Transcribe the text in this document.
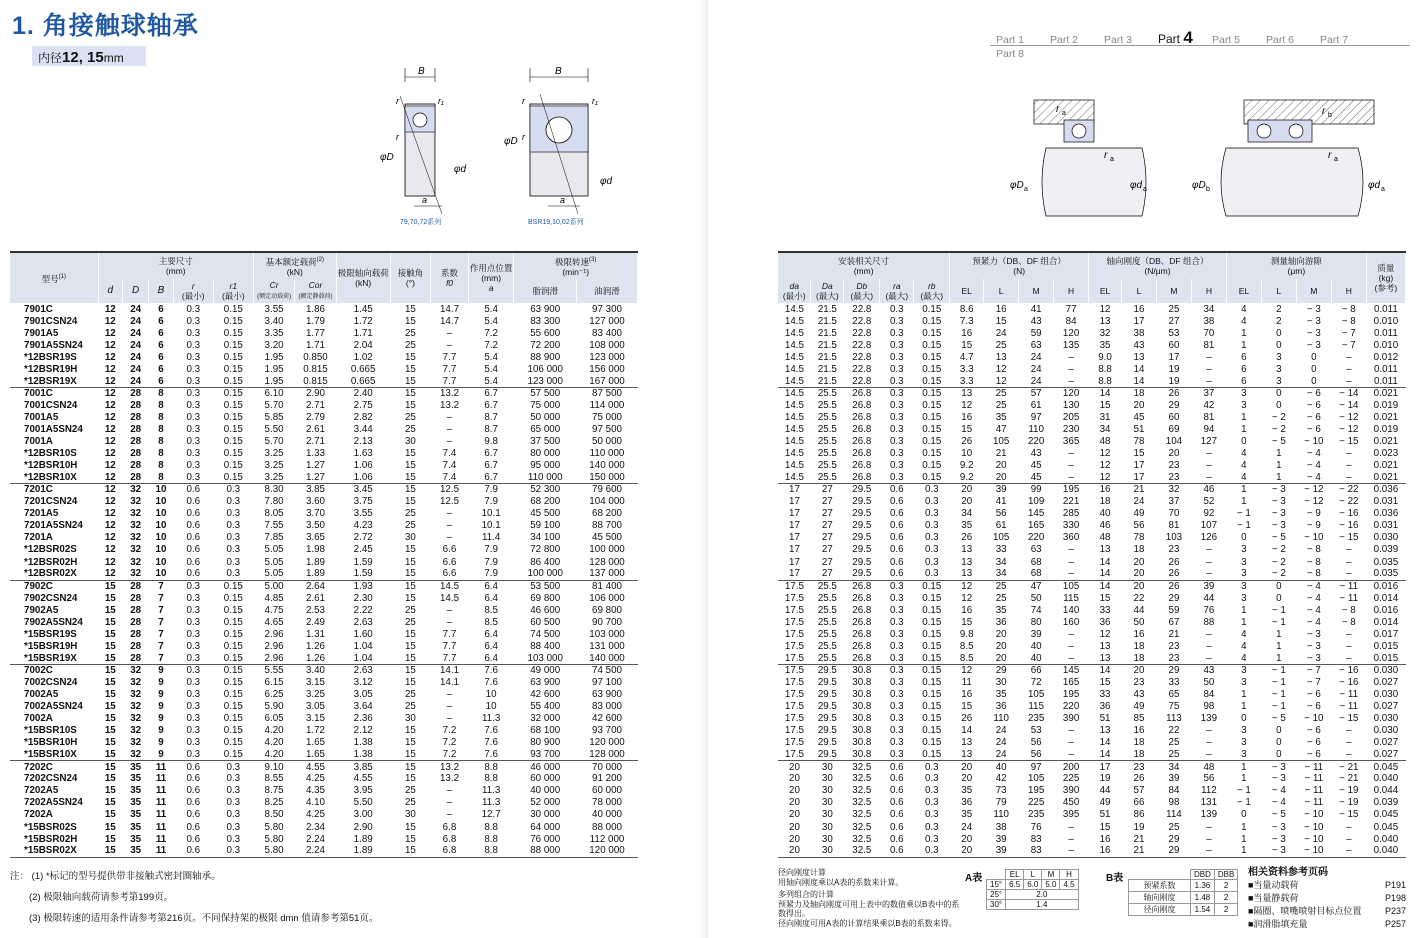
1. 角接触球轴承
内径12, 15mm
B
r	r₁
r
φD
φd
a
79,70,72系列
B
r	r₁
r
φD
φd
a
BSR19,10,02系列
型号$^{(1)}$	主要尺寸
(mm)					基本额定载荷$^{(2)}$
(kN)		极限轴向载荷
(kN)	接触角
(°)	系数
f0	作用点位置
(mm)
a	极限转速$^{(3)}$
(min⁻¹)	
	d	D	B	r
(最小)	r1
(最小)	Cr
(额定动载荷)	Cor
(额定静载荷)					脂润滑	油润滑
7901C	12	24	6	0.3	0.15	3.55	1.86	1.45	15	14.7	5.4	63 900	97 300
7901CSN24	12	24	6	0.3	0.15	3.40	1.79	1.72	15	14.7	5.4	83 300	127 000
7901A5	12	24	6	0.3	0.15	3.35	1.77	1.71	25	–	7.2	55 600	83 400
7901A5SN24	12	24	6	0.3	0.15	3.20	1.71	2.04	25	–	7.2	72 200	108 000
*12BSR19S	12	24	6	0.3	0.15	1.95	0.850	1.02	15	7.7	5.4	88 900	123 000
*12BSR19H	12	24	6	0.3	0.15	1.95	0.815	0.665	15	7.7	5.4	106 000	156 000
*12BSR19X	12	24	6	0.3	0.15	1.95	0.815	0.665	15	7.7	5.4	123 000	167 000
7001C	12	28	8	0.3	0.15	6.10	2.90	2.40	15	13.2	6.7	57 500	87 500
7001CSN24	12	28	8	0.3	0.15	5.70	2.71	2.75	15	13.2	6.7	75 000	114 000
7001A5	12	28	8	0.3	0.15	5.85	2.79	2.82	25	–	8.7	50 000	75 000
7001A5SN24	12	28	8	0.3	0.15	5.50	2.61	3.44	25	–	8.7	65 000	97 500
7001A	12	28	8	0.3	0.15	5.70	2.71	2.13	30	–	9.8	37 500	50 000
*12BSR10S	12	28	8	0.3	0.15	3.25	1.33	1.63	15	7.4	6.7	80 000	110 000
*12BSR10H	12	28	8	0.3	0.15	3.25	1.27	1.06	15	7.4	6.7	95 000	140 000
*12BSR10X	12	28	8	0.3	0.15	3.25	1.27	1.06	15	7.4	6.7	110 000	150 000
7201C	12	32	10	0.6	0.3	8.30	3.85	3.45	15	12.5	7.9	52 300	79 600
7201CSN24	12	32	10	0.6	0.3	7.80	3.60	3.75	15	12.5	7.9	68 200	104 000
7201A5	12	32	10	0.6	0.3	8.05	3.70	3.55	25	–	10.1	45 500	68 200
7201A5SN24	12	32	10	0.6	0.3	7.55	3.50	4.23	25	–	10.1	59 100	88 700
7201A	12	32	10	0.6	0.3	7.85	3.65	2.72	30	–	11.4	34 100	45 500
*12BSR02S	12	32	10	0.6	0.3	5.05	1.98	2.45	15	6.6	7.9	72 800	100 000
*12BSR02H	12	32	10	0.6	0.3	5.05	1.89	1.59	15	6.6	7.9	86 400	128 000
*12BSR02X	12	32	10	0.6	0.3	5.05	1.89	1.59	15	6.6	7.9	100 000	137 000
7902C	15	28	7	0.3	0.15	5.00	2.64	1.93	15	14.5	6.4	53 500	81 400
7902CSN24	15	28	7	0.3	0.15	4.85	2.61	2.30	15	14.5	6.4	69 800	106 000
7902A5	15	28	7	0.3	0.15	4.75	2.53	2.22	25	–	8.5	46 600	69 800
7902A5SN24	15	28	7	0.3	0.15	4.65	2.49	2.63	25	–	8.5	60 500	90 700
*15BSR19S	15	28	7	0.3	0.15	2.96	1.31	1.60	15	7.7	6.4	74 500	103 000
*15BSR19H	15	28	7	0.3	0.15	2.96	1.26	1.04	15	7.7	6.4	88 400	131 000
*15BSR19X	15	28	7	0.3	0.15	2.96	1.26	1.04	15	7.7	6.4	103 000	140 000
7002C	15	32	9	0.3	0.15	5.55	3.40	2.63	15	14.1	7.6	49 000	74 500
7002CSN24	15	32	9	0.3	0.15	6.15	3.15	3.12	15	14.1	7.6	63 900	97 100
7002A5	15	32	9	0.3	0.15	6.25	3.25	3.05	25	–	10	42 600	63 900
7002A5SN24	15	32	9	0.3	0.15	5.90	3.05	3.64	25	–	10	55 400	83 000
7002A	15	32	9	0.3	0.15	6.05	3.15	2.36	30	–	11.3	32 000	42 600
*15BSR10S	15	32	9	0.3	0.15	4.20	1.72	2.12	15	7.2	7.6	68 100	93 700
*15BSR10H	15	32	9	0.3	0.15	4.20	1.65	1.38	15	7.2	7.6	80 900	120 000
*15BSR10X	15	32	9	0.3	0.15	4.20	1.65	1.38	15	7.2	7.6	93 700	128 000
7202C	15	35	11	0.6	0.3	9.10	4.55	3.85	15	13.2	8.8	46 000	70 000
7202CSN24	15	35	11	0.6	0.3	8.55	4.25	4.55	15	13.2	8.8	60 000	91 200
7202A5	15	35	11	0.6	0.3	8.75	4.35	3.95	25	–	11.3	40 000	60 000
7202A5SN24	15	35	11	0.6	0.3	8.25	4.10	5.50	25	–	11.3	52 000	78 000
7202A	15	35	11	0.6	0.3	8.50	4.25	3.00	30	–	12.7	30 000	40 000
*15BSR02S	15	35	11	0.6	0.3	5.80	2.34	2.90	15	6.8	8.8	64 000	88 000
*15BSR02H	15	35	11	0.6	0.3	5.80	2.24	1.89	15	6.8	8.8	76 000	112 000
*15BSR02X	15	35	11	0.6	0.3	5.80	2.24	1.89	15	6.8	8.8	88 000	120 000
注： (1) *标记的型号提供带非接触式密封圈轴承。
(2) 极限轴向载荷请参考第199页。
(3) 极限转速的适用条件请参考第216页。不同保持架的极限 dmn 值请参考第51页。
Part 1 Part 2 Part 3 Part 4 Part 5 Part 6 Part 7Part 8
r a
r a
φD a	φd a
r b
r a
φD b	φd a
安装相关尺寸
(mm)					预紧力（DB、DF 组合）
(N)				轴向刚度（DB、DF 组合）
(N/μm)				测量轴向游隙
(μm)				质量
(kg)
(参考)
da
(最小)	Da
(最大)	Db
(最大)	ra
(最大)	rb
(最大)	EL	L	M	H	EL	L	M	H	EL	L	M	H	
14.5	21.5	22.8	0.3	0.15	8.6	16	41	77	12	16	25	34	4	2	− 3	− 8	0.011
14.5	21.5	22.8	0.3	0.15	7.3	15	43	84	13	17	27	38	4	2	− 3	− 8	0.010
14.5	21.5	22.8	0.3	0.15	16	24	59	120	32	38	53	70	1	0	− 3	− 7	0.011
14.5	21.5	22.8	0.3	0.15	15	25	63	135	35	43	60	81	1	0	− 3	− 7	0.010
14.5	21.5	22.8	0.3	0.15	4.7	13	24	–	9.0	13	17	–	6	3	0	–	0.012
14.5	21.5	22.8	0.3	0.15	3.3	12	24	–	8.8	14	19	–	6	3	0	–	0.011
14.5	21.5	22.8	0.3	0.15	3.3	12	24	–	8.8	14	19	–	6	3	0	–	0.011
14.5	25.5	26.8	0.3	0.15	13	25	57	120	14	18	26	37	3	0	− 6	− 14	0.021
14.5	25.5	26.8	0.3	0.15	12	25	61	130	15	20	29	42	3	0	− 6	− 14	0.019
14.5	25.5	26.8	0.3	0.15	16	35	97	205	31	45	60	81	1	− 2	− 6	− 12	0.021
14.5	25.5	26.8	0.3	0.15	15	47	110	230	34	51	69	94	1	− 2	− 6	− 12	0.019
14.5	25.5	26.8	0.3	0.15	26	105	220	365	48	78	104	127	0	− 5	− 10	− 15	0.021
14.5	25.5	26.8	0.3	0.15	10	21	43	–	12	15	20	–	4	1	− 4	–	0.023
14.5	25.5	26.8	0.3	0.15	9.2	20	45	–	12	17	23	–	4	1	− 4	–	0.021
14.5	25.5	26.8	0.3	0.15	9.2	20	45	–	12	17	23	–	4	1	− 4	–	0.021
17	27	29.5	0.6	0.3	20	39	99	195	16	21	32	46	1	− 3	− 12	− 22	0.036
17	27	29.5	0.6	0.3	20	41	109	221	18	24	37	52	1	− 3	− 12	− 22	0.031
17	27	29.5	0.6	0.3	34	56	145	285	40	49	70	92	− 1	− 3	− 9	− 16	0.036
17	27	29.5	0.6	0.3	35	61	165	330	46	56	81	107	− 1	− 3	− 9	− 16	0.031
17	27	29.5	0.6	0.3	26	105	220	360	48	78	103	126	0	− 5	− 10	− 15	0.030
17	27	29.5	0.6	0.3	13	33	63	–	13	18	23	–	3	− 2	− 8	–	0.039
17	27	29.5	0.6	0.3	13	34	68	–	14	20	26	–	3	− 2	− 8	–	0.035
17	27	29.5	0.6	0.3	13	34	68	–	14	20	26	–	3	− 2	− 8	–	0.035
17.5	25.5	26.8	0.3	0.15	12	25	47	105	14	20	26	39	3	0	− 4	− 11	0.016
17.5	25.5	26.8	0.3	0.15	12	25	50	115	15	22	29	44	3	0	− 4	− 11	0.014
17.5	25.5	26.8	0.3	0.15	16	35	74	140	33	44	59	76	1	− 1	− 4	− 8	0.016
17.5	25.5	26.8	0.3	0.15	15	36	80	160	36	50	67	88	1	− 1	− 4	− 8	0.014
17.5	25.5	26.8	0.3	0.15	9.8	20	39	–	12	16	21	–	4	1	− 3	–	0.017
17.5	25.5	26.8	0.3	0.15	8.5	20	40	–	13	18	23	–	4	1	− 3	–	0.015
17.5	25.5	26.8	0.3	0.15	8.5	20	40	–	13	18	23	–	4	1	− 3	–	0.015
17.5	29.5	30.8	0.3	0.15	12	29	66	145	14	20	29	43	3	− 1	− 7	− 16	0.030
17.5	29.5	30.8	0.3	0.15	11	30	72	165	15	23	33	50	3	− 1	− 7	− 16	0.027
17.5	29.5	30.8	0.3	0.15	16	35	105	195	33	43	65	84	1	− 1	− 6	− 11	0.030
17.5	29.5	30.8	0.3	0.15	15	36	115	220	36	49	75	98	1	− 1	− 6	− 11	0.027
17.5	29.5	30.8	0.3	0.15	26	110	235	390	51	85	113	139	0	− 5	− 10	− 15	0.030
17.5	29.5	30.8	0.3	0.15	14	24	53	–	13	16	22	–	3	0	− 6	–	0.030
17.5	29.5	30.8	0.3	0.15	13	24	56	–	14	18	25	–	3	0	− 6	–	0.027
17.5	29.5	30.8	0.3	0.15	13	24	56	–	14	18	25	–	3	0	− 6	–	0.027
20	30	32.5	0.6	0.3	20	40	97	200	17	23	34	48	1	− 3	− 11	− 21	0.045
20	30	32.5	0.6	0.3	20	42	105	225	19	26	39	56	1	− 3	− 11	− 21	0.040
20	30	32.5	0.6	0.3	35	73	195	390	44	57	84	112	− 1	− 4	− 11	− 19	0.044
20	30	32.5	0.6	0.3	36	79	225	450	49	66	98	131	− 1	− 4	− 11	− 19	0.039
20	30	32.5	0.6	0.3	35	110	235	395	51	86	114	139	0	− 5	− 10	− 15	0.045
20	30	32.5	0.6	0.3	24	38	76	–	15	19	25	–	1	− 3	− 10	–	0.045
20	30	32.5	0.6	0.3	20	39	83	–	16	21	29	–	1	− 3	− 10	–	0.040
20	30	32.5	0.6	0.3	20	39	83	–	16	21	29	–	1	− 3	− 10	–	0.040
径向刚度计算
用轴向刚度乘以A表的系数来计算。
多列组合的计算
预紧力及轴向刚度可用上表中的数值乘以B表中的系
数得出。
径向刚度可用A表的计算结果乘以B表的系数来得。
A表
		EL	L	M	H
15°	6.5	6.0	5.0	4.5
25°	2.0			
30°	1.4			
B表
		DBD	DBB
预紧系数	1.36	2
轴向刚度	1.48	2
径向刚度	1.54	2
相关资料参考页码
■当量动载荷	P191
■当量静载荷	P198
■隔圈、喷嘴喷射目标点位置	P237
■润滑脂填充量	P257
